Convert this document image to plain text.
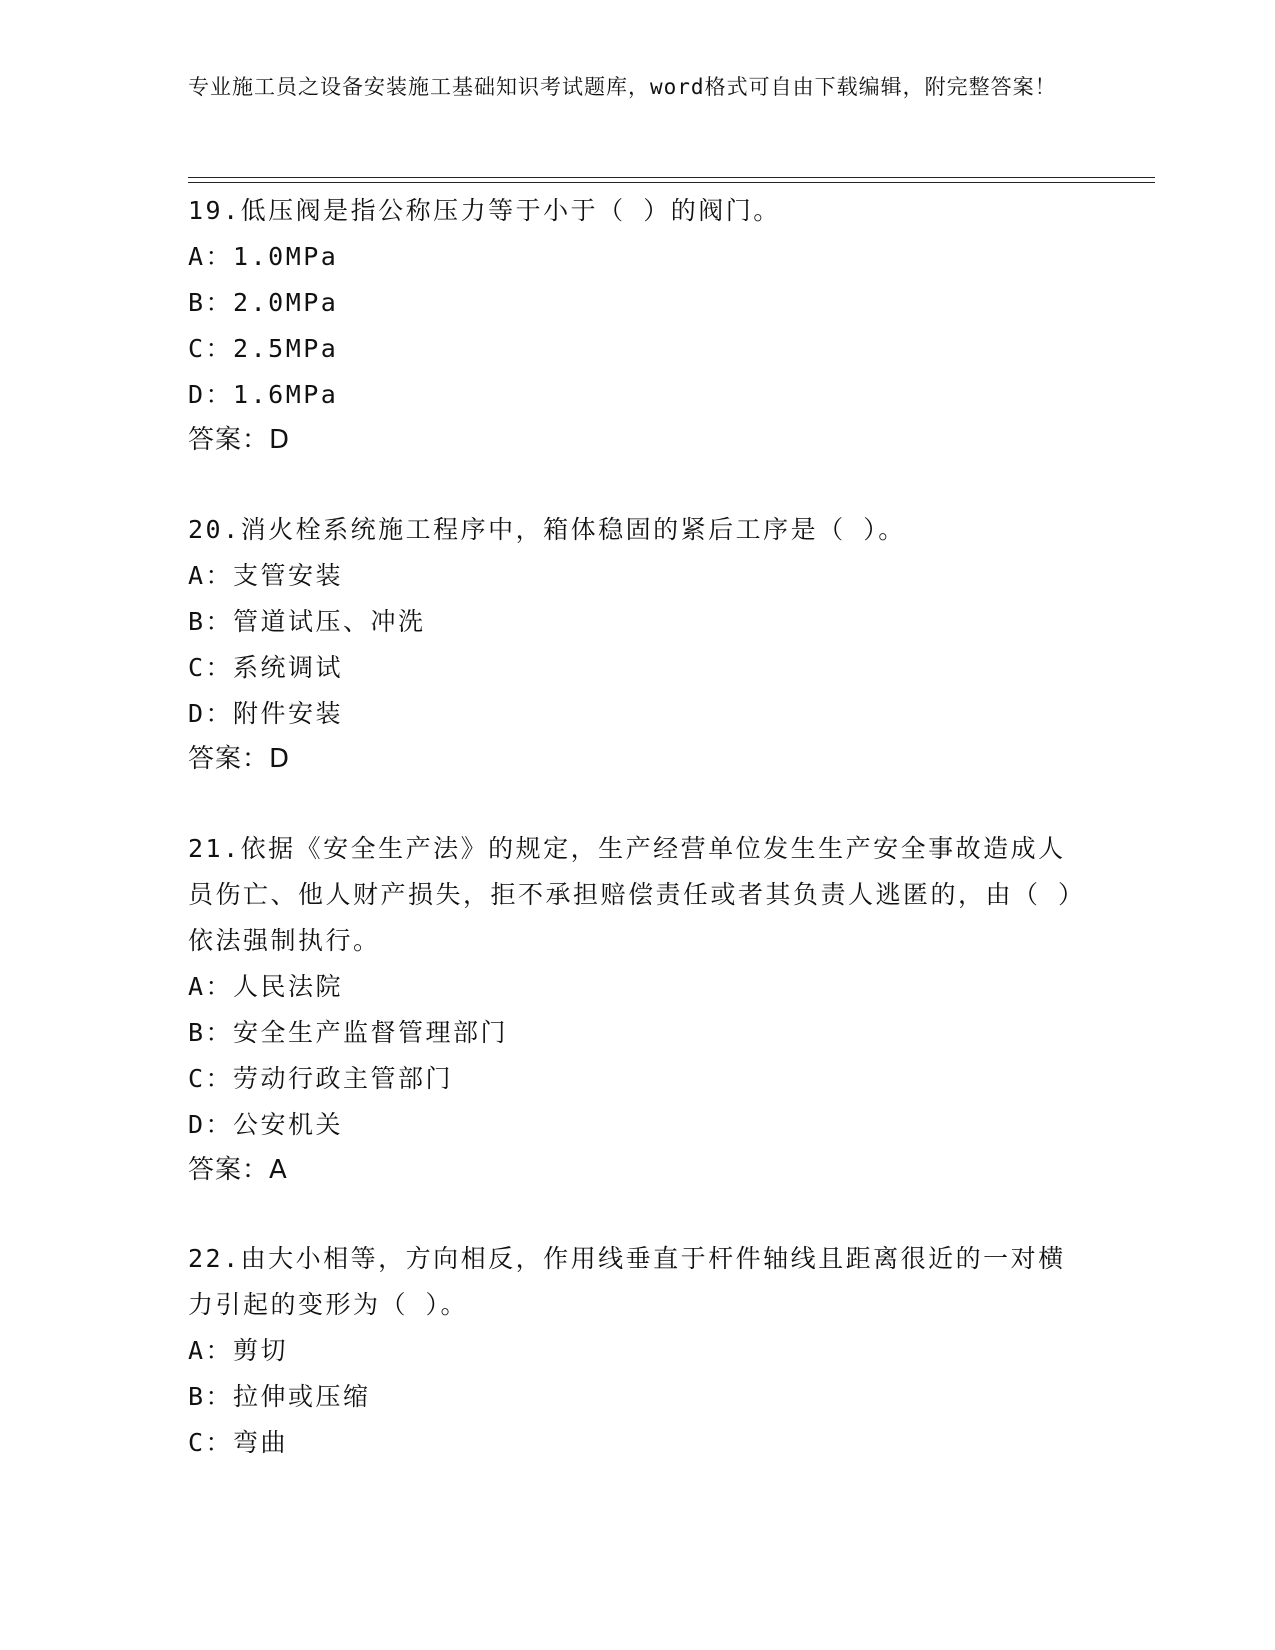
专业施工员之设备安装施工基础知识考试题库，word格式可自由下载编辑，附完整答案！

19.低压阀是指公称压力等于小于（ ）的阀门。

A：1.0MPa

B：2.0MPa

C：2.5MPa

D：1.6MPa

答案：D

20.消火栓系统施工程序中，箱体稳固的紧后工序是（ ）。

A：支管安装

B：管道试压、冲洗

C：系统调试

D：附件安装

答案：D

21.依据《安全生产法》的规定，生产经营单位发生生产安全事故造成人员伤亡、他人财产损失，拒不承担赔偿责任或者其负责人逃匿的，由（ ）依法强制执行。

A：人民法院

B：安全生产监督管理部门

C：劳动行政主管部门

D：公安机关

答案：A

22.由大小相等，方向相反，作用线垂直于杆件轴线且距离很近的一对横力引起的变形为（ ）。

A：剪切

B：拉伸或压缩

C：弯曲
